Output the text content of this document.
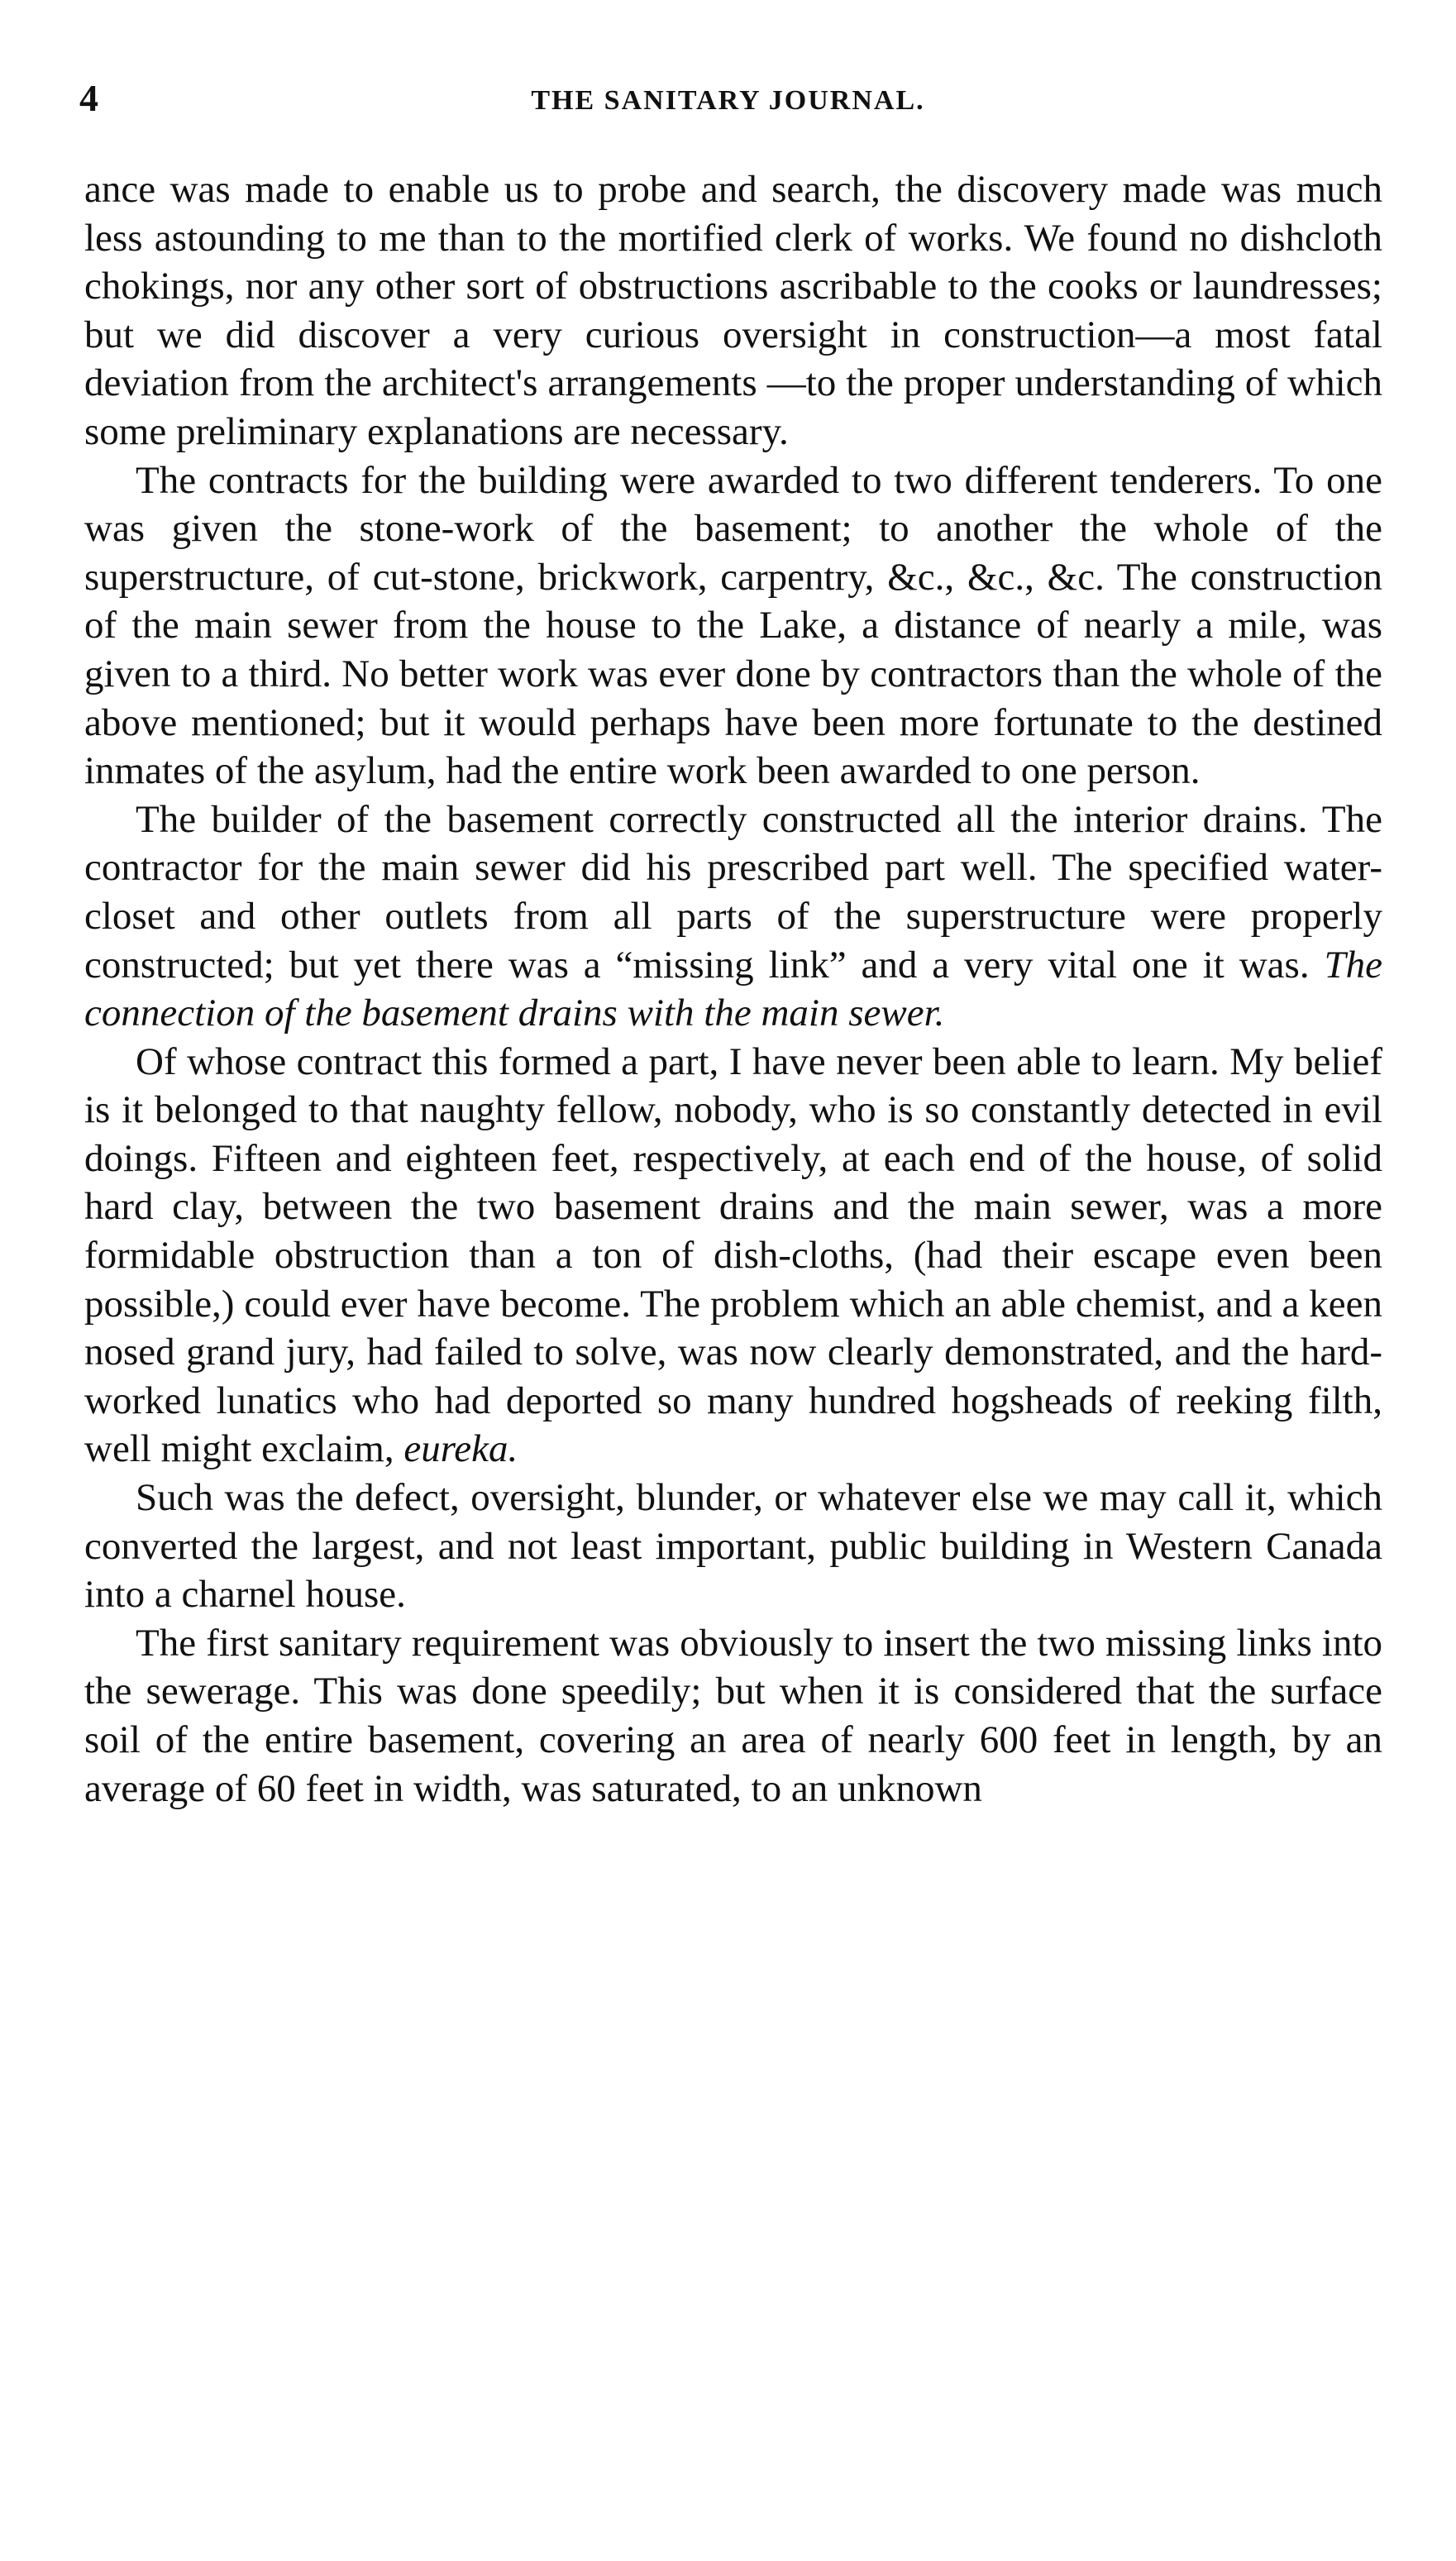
4	THE SANITARY JOURNAL.

ance was made to enable us to probe and search, the discovery made was much less astounding to me than to the mortified clerk of works. We found no dishcloth chokings, nor any other sort of obstructions ascribable to the cooks or laundresses; but we did discover a very curious oversight in construction—a most fatal deviation from the architect's arrangements —to the proper understanding of which some preliminary explanations are necessary.

The contracts for the building were awarded to two different tenderers. To one was given the stone-work of the basement; to another the whole of the superstructure, of cut-stone, brickwork, carpentry, &c., &c., &c. The construction of the main sewer from the house to the Lake, a distance of nearly a mile, was given to a third. No better work was ever done by contractors than the whole of the above mentioned; but it would perhaps have been more fortunate to the destined inmates of the asylum, had the entire work been awarded to one person.

The builder of the basement correctly constructed all the interior drains. The contractor for the main sewer did his prescribed part well. The specified water-closet and other outlets from all parts of the superstructure were properly constructed; but yet there was a “missing link” and a very vital one it was. The connection of the basement drains with the main sewer.

Of whose contract this formed a part, I have never been able to learn. My belief is it belonged to that naughty fellow, nobody, who is so constantly detected in evil doings. Fifteen and eighteen feet, respectively, at each end of the house, of solid hard clay, between the two basement drains and the main sewer, was a more formidable obstruction than a ton of dish-cloths, (had their escape even been possible,) could ever have become. The problem which an able chemist, and a keen nosed grand jury, had failed to solve, was now clearly demonstrated, and the hard-worked lunatics who had deported so many hundred hogsheads of reeking filth, well might exclaim, eureka.

Such was the defect, oversight, blunder, or whatever else we may call it, which converted the largest, and not least important, public building in Western Canada into a charnel house.

The first sanitary requirement was obviously to insert the two missing links into the sewerage. This was done speedily; but when it is considered that the surface soil of the entire basement, covering an area of nearly 600 feet in length, by an average of 60 feet in width, was saturated, to an unknown
